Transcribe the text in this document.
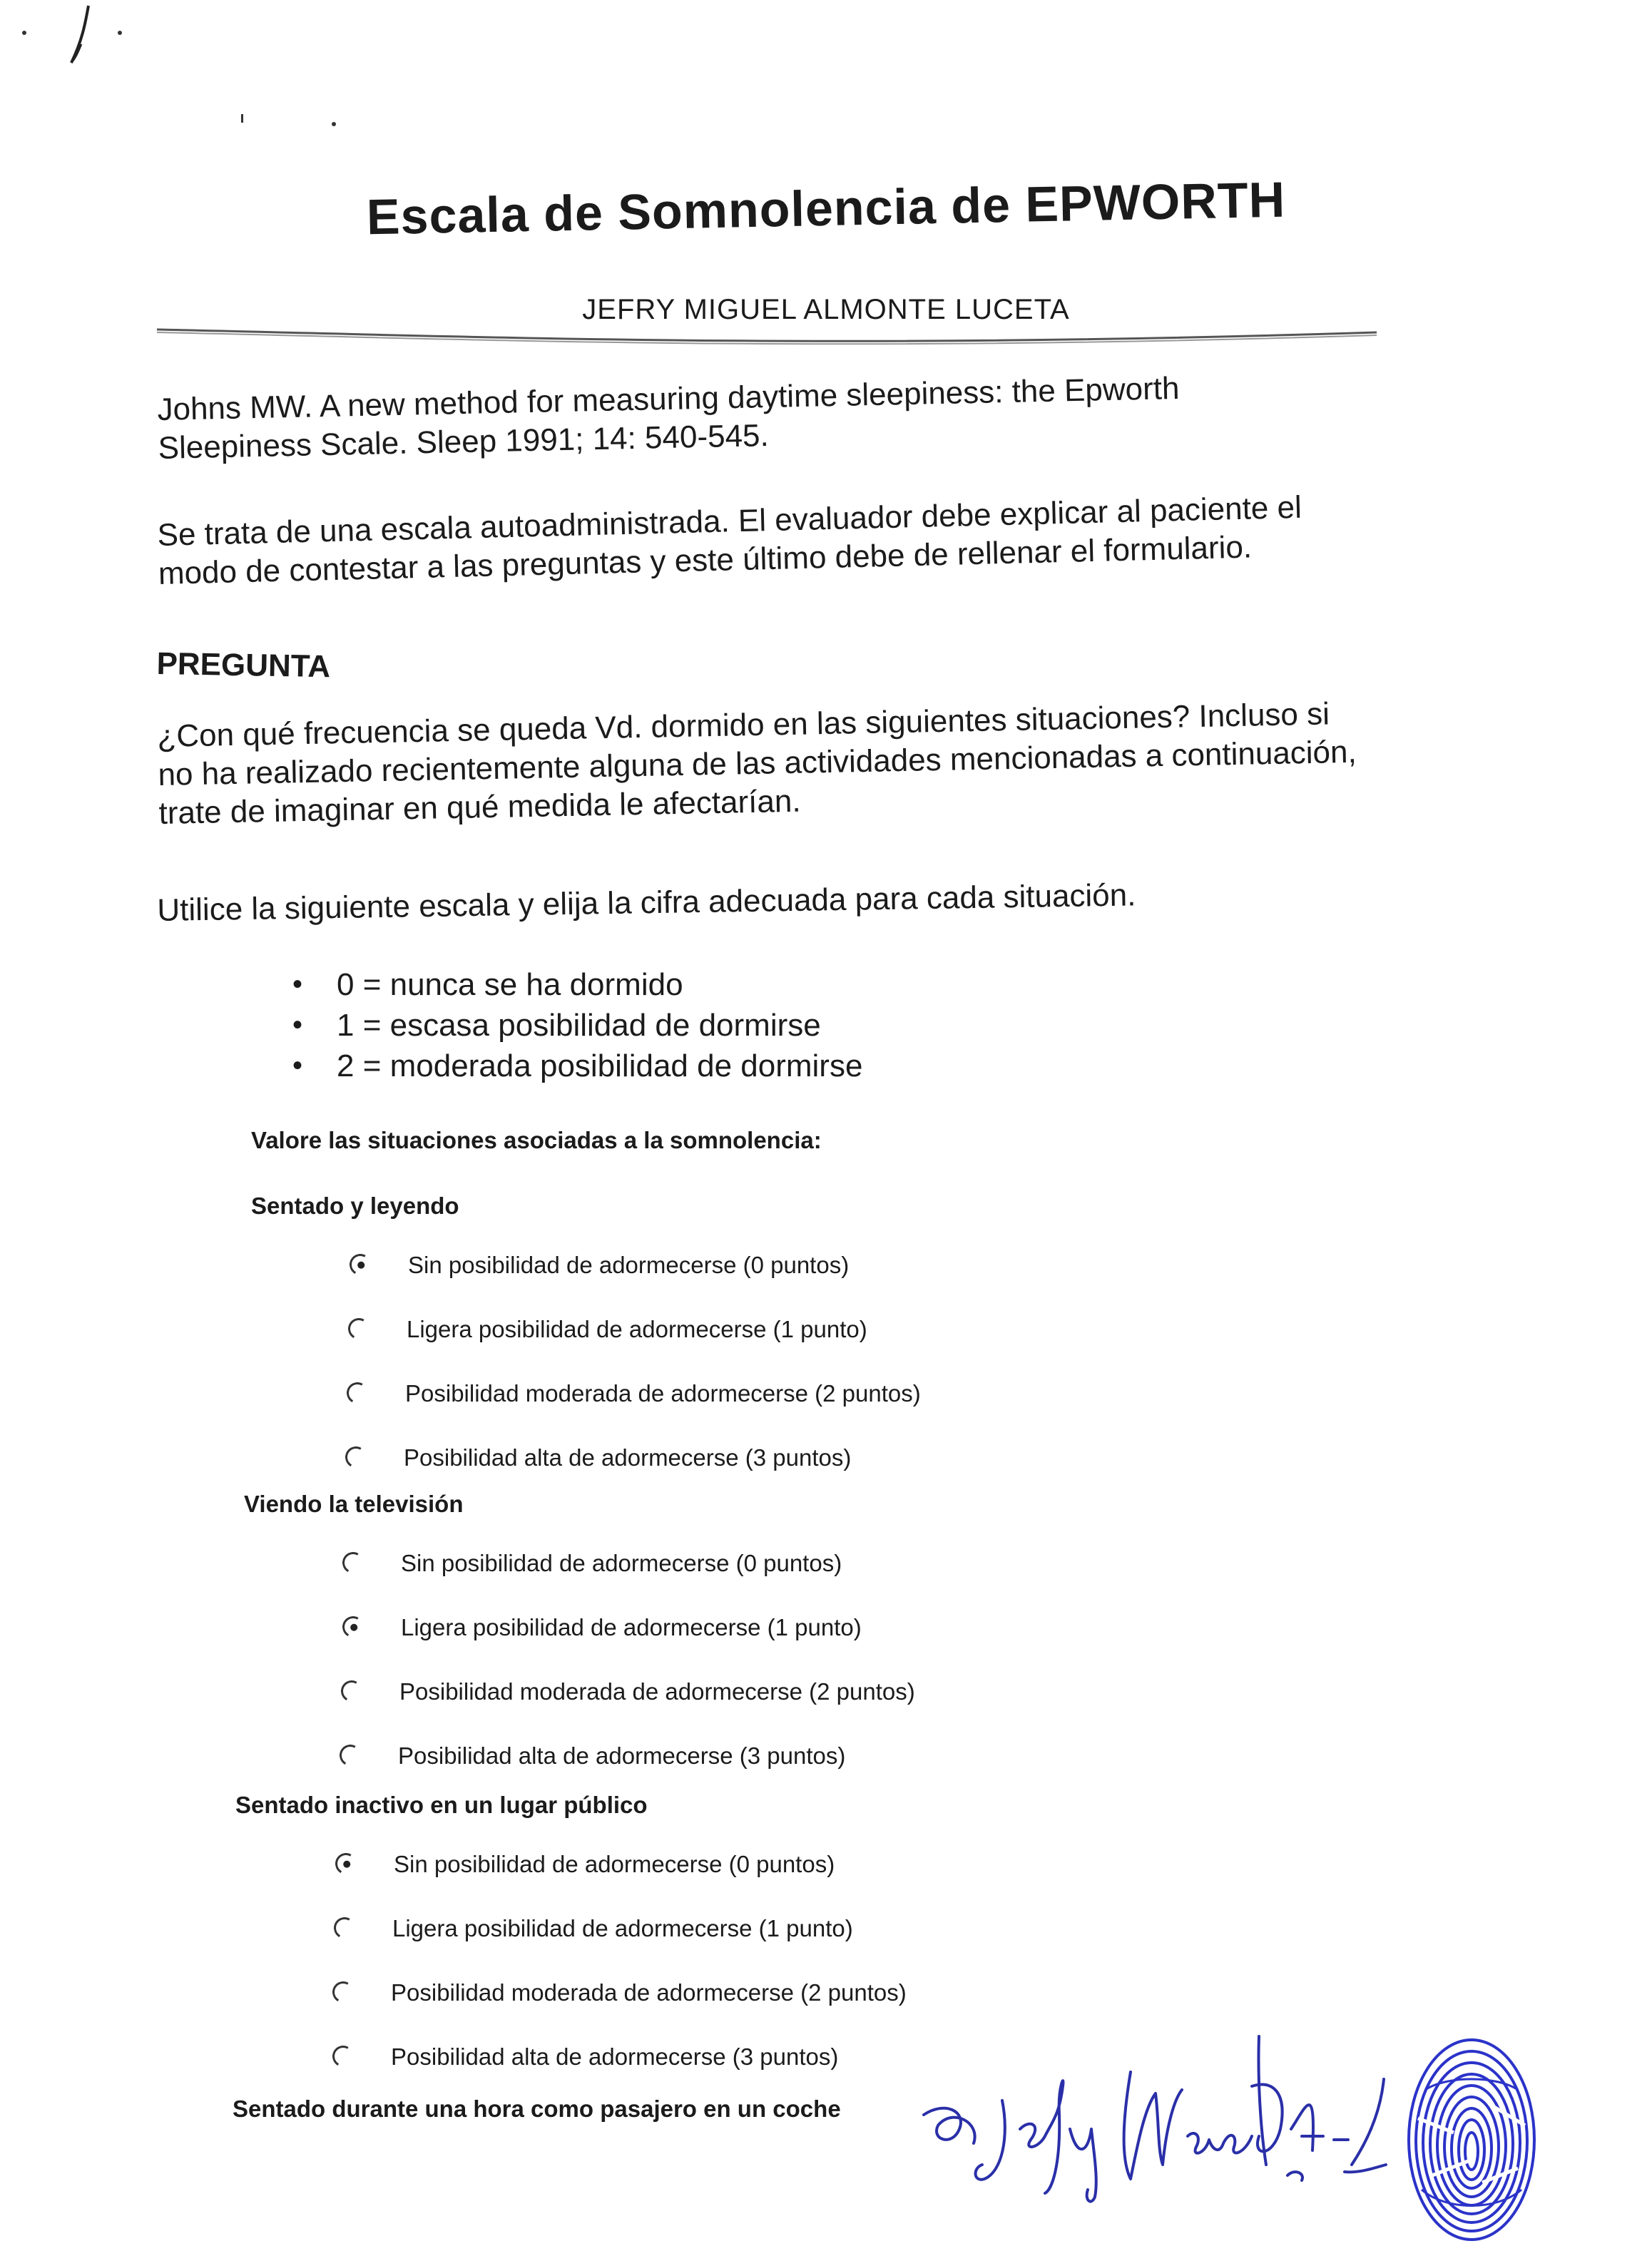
Escala de Somnolencia de EPWORTH
JEFRY MIGUEL ALMONTE LUCETA
Johns MW. A new method for measuring daytime sleepiness: the Epworth Sleepiness Scale. Sleep 1991; 14: 540-545.
Se trata de una escala autoadministrada. El evaluador debe explicar al paciente el modo de contestar a las preguntas y este último debe de rellenar el formulario.
PREGUNTA
¿Con qué frecuencia se queda Vd. dormido en las siguientes situaciones? Incluso si no ha realizado recientemente alguna de las actividades mencionadas a continuación, trate de imaginar en qué medida le afectarían.
Utilice la siguiente escala y elija la cifra adecuada para cada situación.
• 0 = nunca se ha dormido
• 1 = escasa posibilidad de dormirse
• 2 = moderada posibilidad de dormirse
Valore las situaciones asociadas a la somnolencia:
Sentado y leyendo
Sin posibilidad de adormecerse (0 puntos)
Ligera posibilidad de adormecerse (1 punto)
Posibilidad moderada de adormecerse (2 puntos)
Posibilidad alta de adormecerse (3 puntos)
Viendo la televisión
Sin posibilidad de adormecerse (0 puntos)
Ligera posibilidad de adormecerse (1 punto)
Posibilidad moderada de adormecerse (2 puntos)
Posibilidad alta de adormecerse (3 puntos)
Sentado inactivo en un lugar público
Sin posibilidad de adormecerse (0 puntos)
Ligera posibilidad de adormecerse (1 punto)
Posibilidad moderada de adormecerse (2 puntos)
Posibilidad alta de adormecerse (3 puntos)
Sentado durante una hora como pasajero en un coche
